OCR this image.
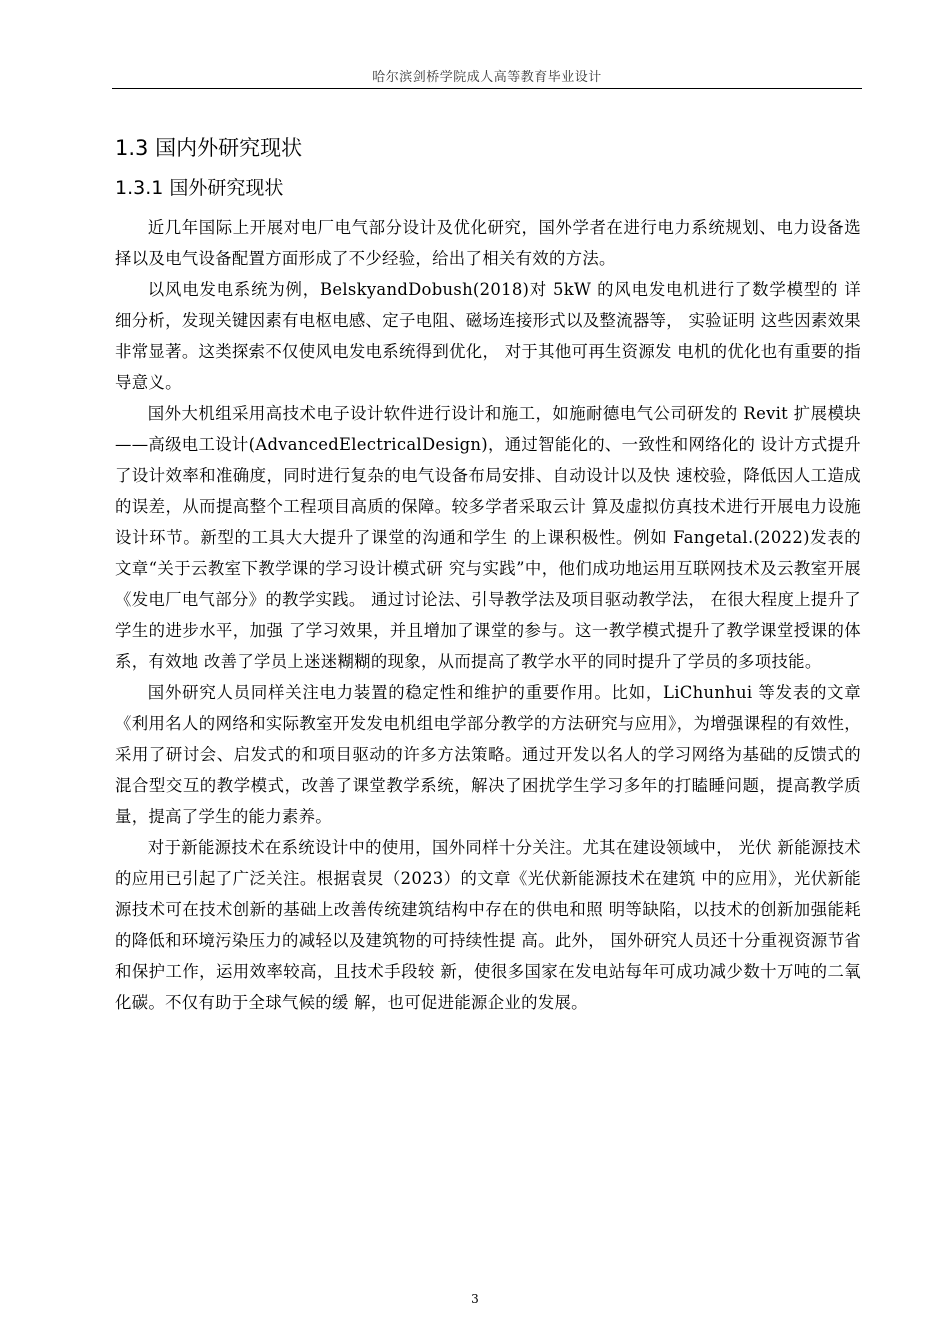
哈尔滨剑桥学院成人高等教育毕业设计
1.3 国内外研究现状
1.3.1 国外研究现状

近几年国际上开展对电厂电气部分设计及优化研究，国外学者在进行电力系统规划、电力设备选择以及电气设备配置方面形成了不少经验，给出了相关有效的方法。

以风电发电系统为例，BelskyandDobush(2018)对 5kW 的风电发电机进行了数学模型的 详细分析，发现关键因素有电枢电感、定子电阻、磁场连接形式以及整流器等， 实验证明 这些因素效果非常显著。这类探索不仅使风电发电系统得到优化， 对于其他可再生资源发 电机的优化也有重要的指导意义。

国外大机组采用高技术电子设计软件进行设计和施工，如施耐德电气公司研发的 Revit 扩展模块——高级电工设计(AdvancedElectricalDesign)，通过智能化的、一致性和网络化的 设计方式提升了设计效率和准确度，同时进行复杂的电气设备布局安排、自动设计以及快 速校验，降低因人工造成的误差，从而提高整个工程项目高质的保障。较多学者采取云计 算及虚拟仿真技术进行开展电力设施设计环节。新型的工具大大提升了课堂的沟通和学生 的上课积极性。例如 Fangetal.(2022)发表的文章“关于云教室下教学课的学习设计模式研 究与实践”中，他们成功地运用互联网技术及云教室开展《发电厂电气部分》的教学实践。 通过讨论法、引导教学法及项目驱动教学法， 在很大程度上提升了学生的进步水平，加强 了学习效果，并且增加了课堂的参与。这一教学模式提升了教学课堂授课的体系，有效地 改善了学员上迷迷糊糊的现象，从而提高了教学水平的同时提升了学员的多项技能。

国外研究人员同样关注电力装置的稳定性和维护的重要作用。比如，LiChunhui 等发表的文章《利用名人的网络和实际教室开发发电机组电学部分教学的方法研究与应用》，为增强课程的有效性，采用了研讨会、启发式的和项目驱动的许多方法策略。通过开发以名人的学习网络为基础的反馈式的混合型交互的教学模式，改善了课堂教学系统，解决了困扰学生学习多年的打瞌睡问题，提高教学质量，提高了学生的能力素养。

对于新能源技术在系统设计中的使用，国外同样十分关注。尤其在建设领域中， 光伏 新能源技术的应用已引起了广泛关注。根据袁炅（2023）的文章《光伏新能源技术在建筑 中的应用》，光伏新能源技术可在技术创新的基础上改善传统建筑结构中存在的供电和照 明等缺陷，以技术的创新加强能耗的降低和环境污染压力的减轻以及建筑物的可持续性提 高。此外， 国外研究人员还十分重视资源节省和保护工作，运用效率较高，且技术手段较 新，使很多国家在发电站每年可成功减少数十万吨的二氧化碳。不仅有助于全球气候的缓 解，也可促进能源企业的发展。

3
